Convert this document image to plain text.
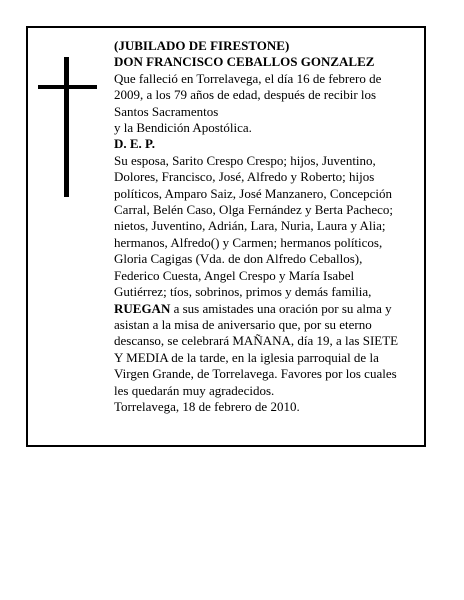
(JUBILADO DE FIRESTONE)

DON FRANCISCO CEBALLOS GONZALEZ

Que falleció en Torrelavega, el día 16 de febrero de

2009, a los 79 años de edad, después de recibir los

Santos Sacramentos

y la Bendición Apostólica.

D. E. P.

Su esposa, Sarito Crespo Crespo; hijos, Juventino,

Dolores, Francisco, José, Alfredo y Roberto; hijos

políticos, Amparo Saiz, José Manzanero, Concepción

Carral, Belén Caso, Olga Fernández y Berta Pacheco;

nietos, Juventino, Adrián, Lara, Nuria, Laura y Alia;

hermanos, Alfredo() y Carmen; hermanos políticos,

Gloria Cagigas (Vda. de don Alfredo Ceballos),

Federico Cuesta, Angel Crespo y María Isabel

Gutiérrez; tíos, sobrinos, primos y demás familia,

RUEGAN a sus amistades una oración por su alma y

asistan a la misa de aniversario que, por su eterno

descanso, se celebrará MAÑANA, día 19, a las SIETE

Y MEDIA de la tarde, en la iglesia parroquial de la

Virgen Grande, de Torrelavega. Favores por los cuales

les quedarán muy agradecidos.

Torrelavega, 18 de febrero de 2010.
